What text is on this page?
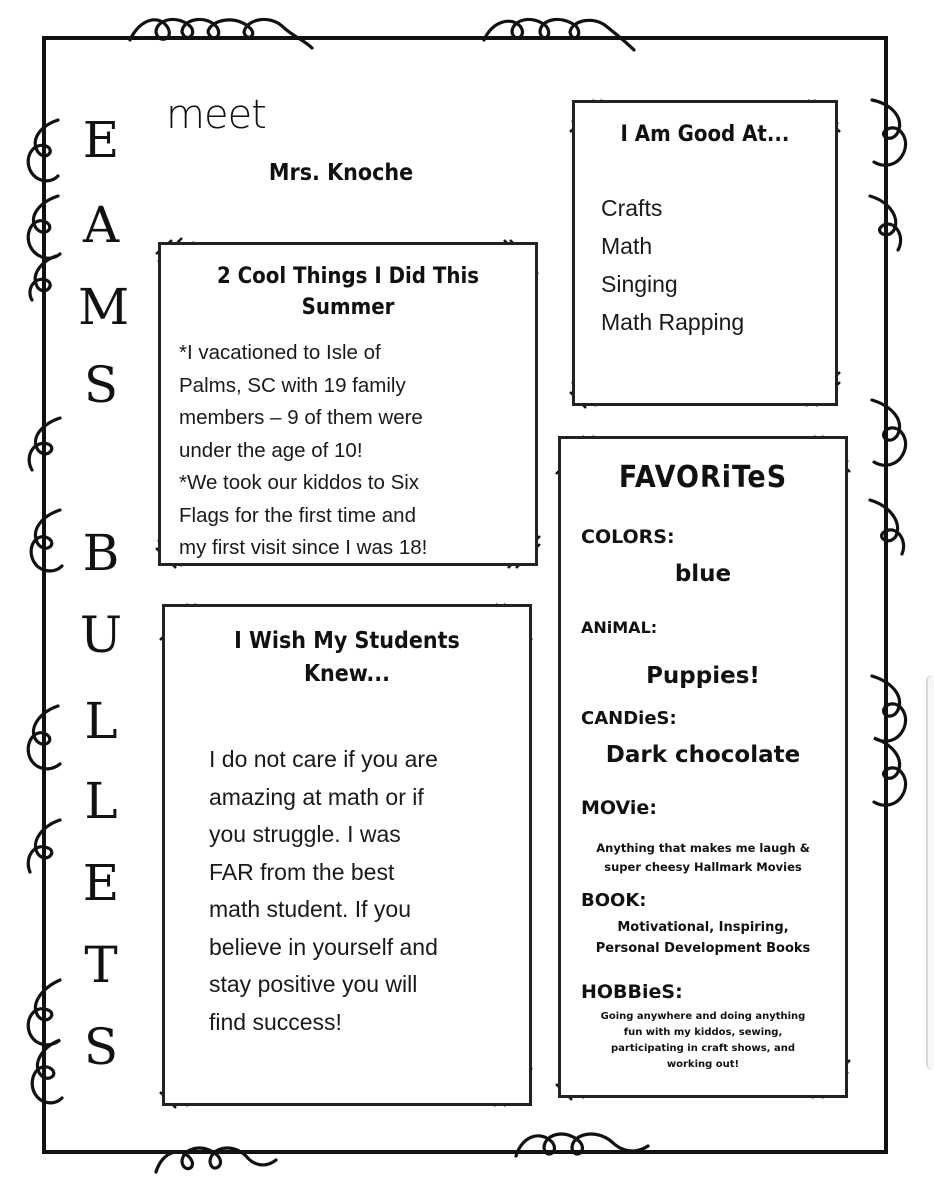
E
A
M
S
B
U
L
L
E
T
S
meet
Mrs. Knoche
2 Cool Things I Did This
Summer
*I vacationed to Isle of
Palms, SC with 19 family
members – 9 of them were
under the age of 10!
*We took our kiddos to Six
Flags for the first time and
my first visit since I was 18!
I Wish My Students
Knew...
I do not care if you are
amazing at math or if
you struggle. I was
FAR from the best
math student. If you
believe in yourself and
stay positive you will
find success!
I Am Good At...
Crafts
Math
Singing
Math Rapping
FAVORiTeS
COLORS:
blue
ANiMAL:
Puppies!
CANDieS:
Dark chocolate
MOVie:
Anything that makes me laugh &
super cheesy Hallmark Movies
BOOK:
Motivational, Inspiring,
Personal Development Books
HOBBieS:
Going anywhere and doing anything
fun with my kiddos, sewing,
participating in craft shows, and
working out!
